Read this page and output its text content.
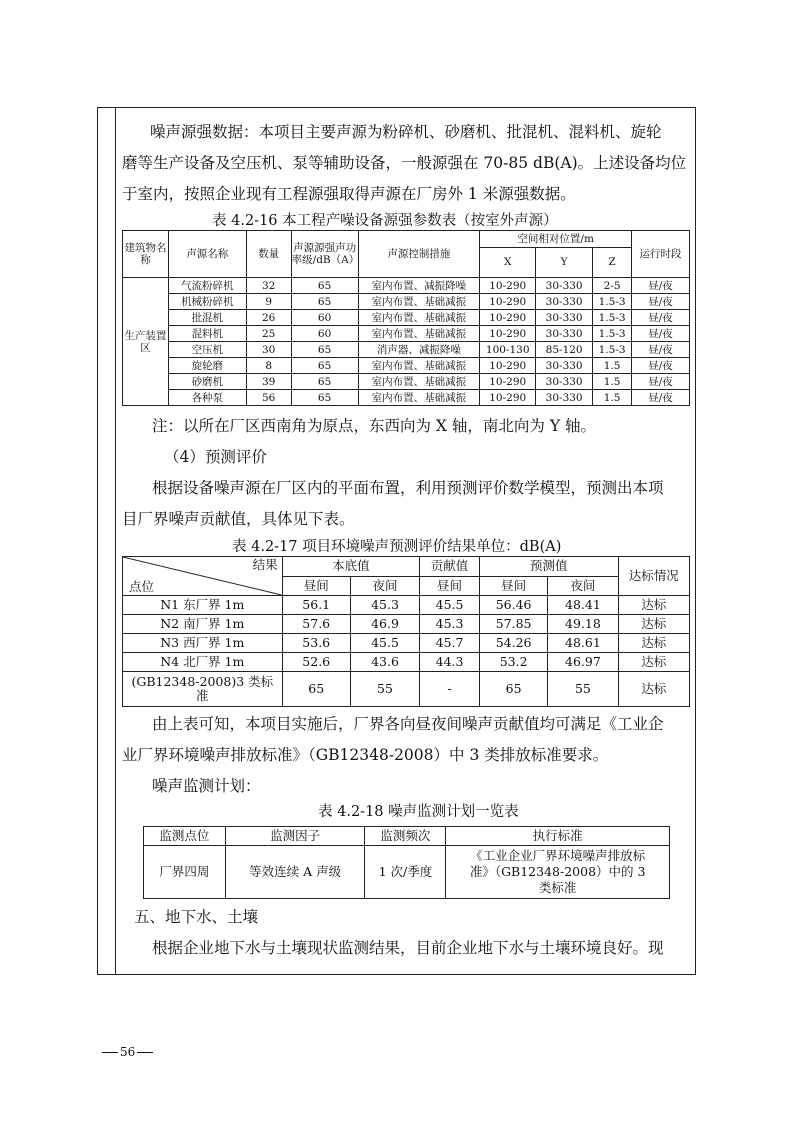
噪声源强数据：本项目主要声源为粉碎机、砂磨机、批混机、混料机、旋轮
磨等生产设备及空压机、泵等辅助设备，一般源强在 70-85 dB(A)。上述设备均位
于室内，按照企业现有工程源强取得声源在厂房外 1 米源强数据。
表 4.2-16 本工程产噪设备源强参数表（按室外声源）
建筑物名称	声源名称	数量	声源源强声功率级/dB（A）	声源控制措施	空间相对位置/m			运行时段
					X	Y	Z	
生产装置区	气流粉碎机	32	65	室内布置、减振降噪	10-290	30-330	2-5	昼/夜
	机械粉碎机	9	65	室内布置、基础减振	10-290	30-330	1.5-3	昼/夜
	批混机	26	60	室内布置、基础减振	10-290	30-330	1.5-3	昼/夜
	混料机	25	60	室内布置、基础减振	10-290	30-330	1.5-3	昼/夜
	空压机	30	65	消声器、减振降噪	100-130	85-120	1.5-3	昼/夜
	旋轮磨	8	65	室内布置、基础减振	10-290	30-330	1.5	昼/夜
	砂磨机	39	65	室内布置、基础减振	10-290	30-330	1.5	昼/夜
	各种泵	56	65	室内布置、基础减振	10-290	30-330	1.5	昼/夜
注：以所在厂区西南角为原点，东西向为 X 轴，南北向为 Y 轴。
（4）预测评价
根据设备噪声源在厂区内的平面布置，利用预测评价数学模型，预测出本项
目厂界噪声贡献值，具体见下表。
表 4.2-17 项目环境噪声预测评价结果单位：dB(A)
结果
点位	本底值		贡献值	预测值		达标情况
	昼间	夜间	昼间	昼间	夜间	
N1 东厂界 1m	56.1	45.3	45.5	56.46	48.41	达标
N2 南厂界 1m	57.6	46.9	45.3	57.85	49.18	达标
N3 西厂界 1m	53.6	45.5	45.7	54.26	48.61	达标
N4 北厂界 1m	52.6	43.6	44.3	53.2	46.97	达标
(GB12348-2008)3 类标准	65	55	-	65	55	达标
由上表可知，本项目实施后，厂界各向昼夜间噪声贡献值均可满足《工业企
业厂界环境噪声排放标准》（GB12348-2008）中 3 类排放标准要求。
噪声监测计划：
表 4.2-18 噪声监测计划一览表
监测点位	监测因子	监测频次	执行标准
厂界四周	等效连续 A 声级	1 次/季度	《工业企业厂界环境噪声排放标准》（GB12348-2008）中的 3 类标准
五、地下水、土壤
根据企业地下水与土壤现状监测结果，目前企业地下水与土壤环境良好。现
56
